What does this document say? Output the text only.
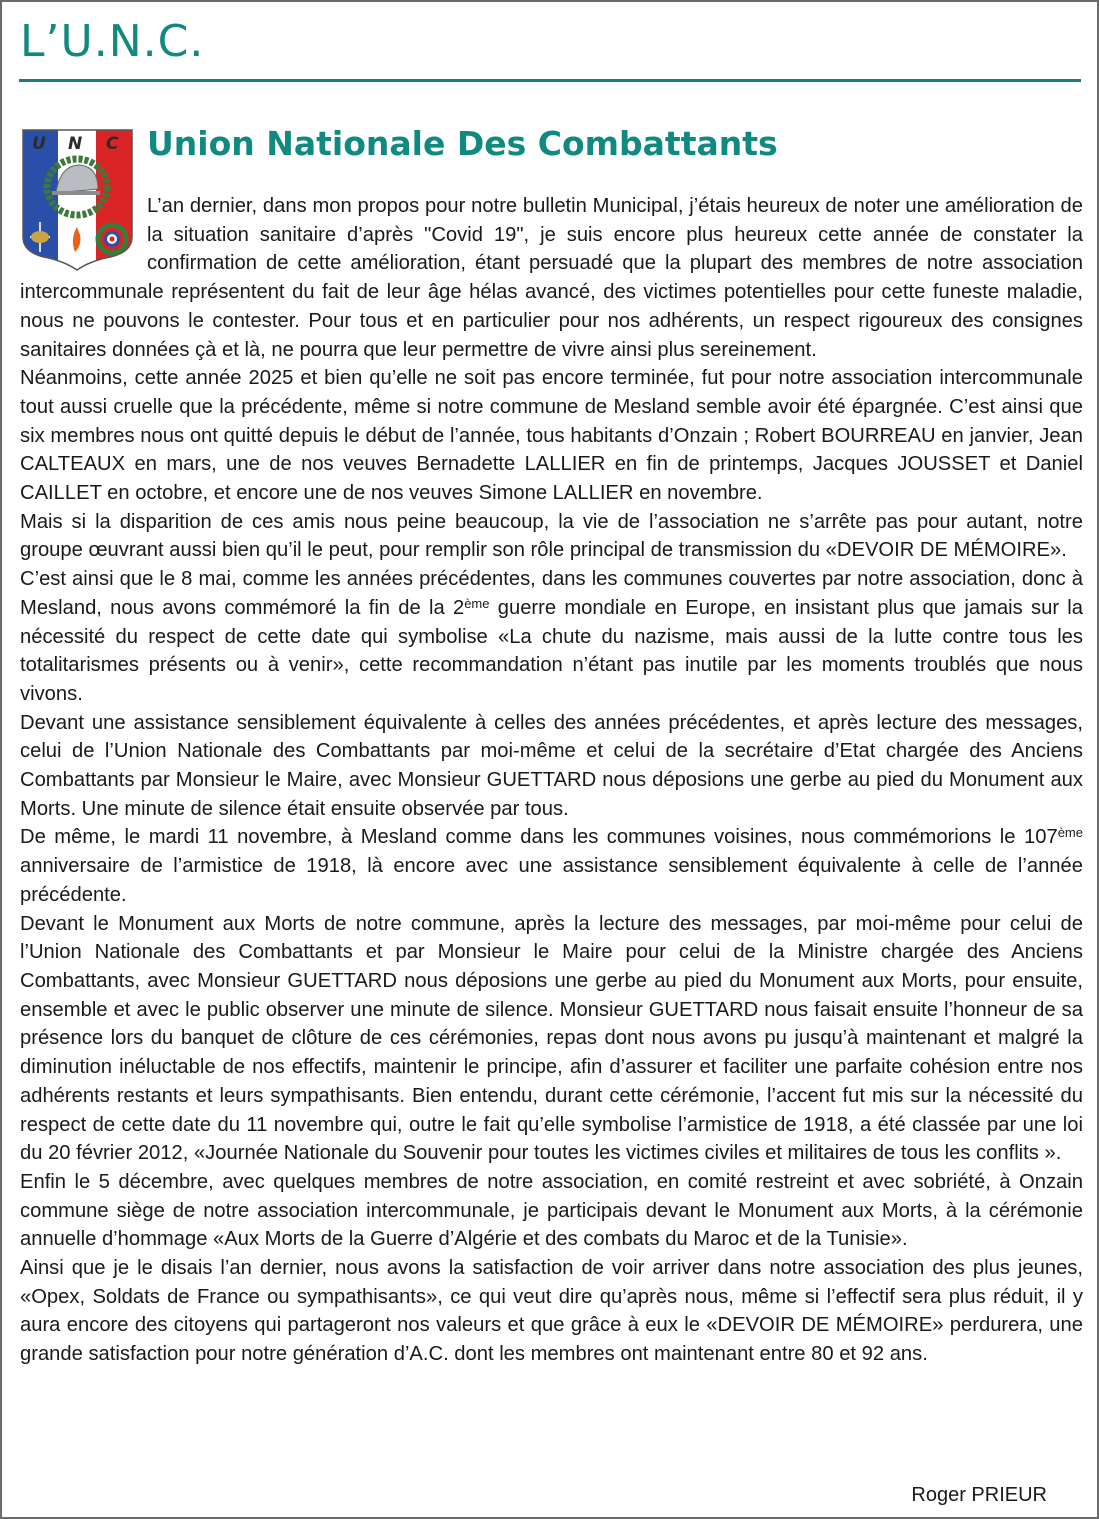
L’U.N.C.
U N C Union Nationale Des Combattants

L’an dernier, dans mon propos pour notre bulletin Municipal, j’étais heureux de noter une amélioration de la situation sanitaire d’après "Covid 19", je suis encore plus heureux cette année de constater la confirmation de cette amélioration, étant persuadé que la plupart des membres de notre association intercommunale représentent du fait de leur âge hélas avancé, des victimes potentielles pour cette funeste maladie, nous ne pouvons le contester. Pour tous et en particulier pour nos adhérents, un respect rigoureux des consignes sanitaires données çà et là, ne pourra que leur permettre de vivre ainsi plus sereinement.

Néanmoins, cette année 2025 et bien qu’elle ne soit pas encore terminée, fut pour notre association intercommunale tout aussi cruelle que la précédente, même si notre commune de Mesland semble avoir été épargnée. C’est ainsi que six membres nous ont quitté depuis le début de l’année, tous habitants d’Onzain ; Robert BOURREAU en janvier, Jean CALTEAUX en mars, une de nos veuves Bernadette LALLIER en fin de printemps, Jacques JOUSSET et Daniel CAILLET en octobre, et encore une de nos veuves Simone LALLIER en novembre.

Mais si la disparition de ces amis nous peine beaucoup, la vie de l’association ne s’arrête pas pour autant, notre groupe œuvrant aussi bien qu’il le peut, pour remplir son rôle principal de transmission du «DEVOIR DE MÉMOIRE».

C’est ainsi que le 8 mai, comme les années précédentes, dans les communes couvertes par notre association, donc à Mesland, nous avons commémoré la fin de la 2ème guerre mondiale en Europe, en insistant plus que jamais sur la nécessité du respect de cette date qui symbolise «La chute du nazisme, mais aussi de la lutte contre tous les totalitarismes présents ou à venir», cette recommandation n’étant pas inutile par les moments troublés que nous vivons.

Devant une assistance sensiblement équivalente à celles des années précédentes, et après lecture des messages, celui de l’Union Nationale des Combattants par moi-même et celui de la secrétaire d’Etat chargée des Anciens Combattants par Monsieur le Maire, avec Monsieur GUETTARD nous déposions une gerbe au pied du Monument aux Morts. Une minute de silence était ensuite observée par tous.

De même, le mardi 11 novembre, à Mesland comme dans les communes voisines, nous commémorions le 107ème anniversaire de l’armistice de 1918, là encore avec une assistance sensiblement équivalente à celle de l’année précédente.

Devant le Monument aux Morts de notre commune, après la lecture des messages, par moi-même pour celui de l’Union Nationale des Combattants et par Monsieur le Maire pour celui de la Ministre chargée des Anciens Combattants, avec Monsieur GUETTARD nous déposions une gerbe au pied du Monument aux Morts, pour ensuite, ensemble et avec le public observer une minute de silence. Monsieur GUETTARD nous faisait ensuite l’honneur de sa présence lors du banquet de clôture de ces cérémonies, repas dont nous avons pu jusqu’à maintenant et malgré la diminution inéluctable de nos effectifs, maintenir le principe, afin d’assurer et faciliter une parfaite cohésion entre nos adhérents restants et leurs sympathisants. Bien entendu, durant cette cérémonie, l’accent fut mis sur la nécessité du respect de cette date du 11 novembre qui, outre le fait qu’elle symbolise l’armistice de 1918, a été classée par une loi du 20 février 2012, «Journée Nationale du Souvenir pour toutes les victimes civiles et militaires de tous les conflits ».

Enfin le 5 décembre, avec quelques membres de notre association, en comité restreint et avec sobriété, à Onzain commune siège de notre association intercommunale, je participais devant le Monument aux Morts, à la cérémonie annuelle d’hommage «Aux Morts de la Guerre d’Algérie et des combats du Maroc et de la Tunisie».

Ainsi que je le disais l’an dernier, nous avons la satisfaction de voir arriver dans notre association des plus jeunes, «Opex, Soldats de France ou sympathisants», ce qui veut dire qu’après nous, même si l’effectif sera plus réduit, il y aura encore des citoyens qui partageront nos valeurs et que grâce à eux le «DEVOIR DE MÉMOIRE» perdurera, une grande satisfaction pour notre génération d’A.C. dont les membres ont maintenant entre 80 et 92 ans.

Roger PRIEUR
